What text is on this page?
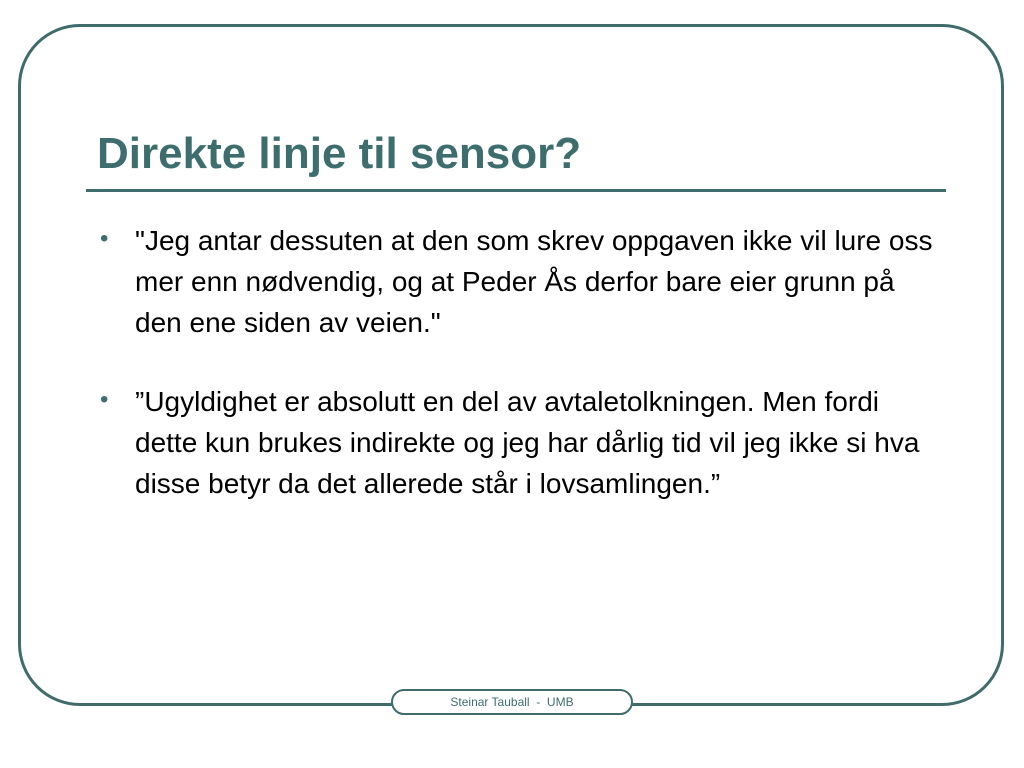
Direkte linje til sensor?
• "Jeg antar dessuten at den som skrev oppgaven ikke vil lure oss mer enn nødvendig, og at Peder Ås derfor bare eier grunn på den ene siden av veien."
• ”Ugyldighet er absolutt en del av avtaletolkningen. Men fordi dette kun brukes indirekte og jeg har dårlig tid vil jeg ikke si hva disse betyr da det allerede står i lovsamlingen.”
Steinar Tauball  -  UMB
